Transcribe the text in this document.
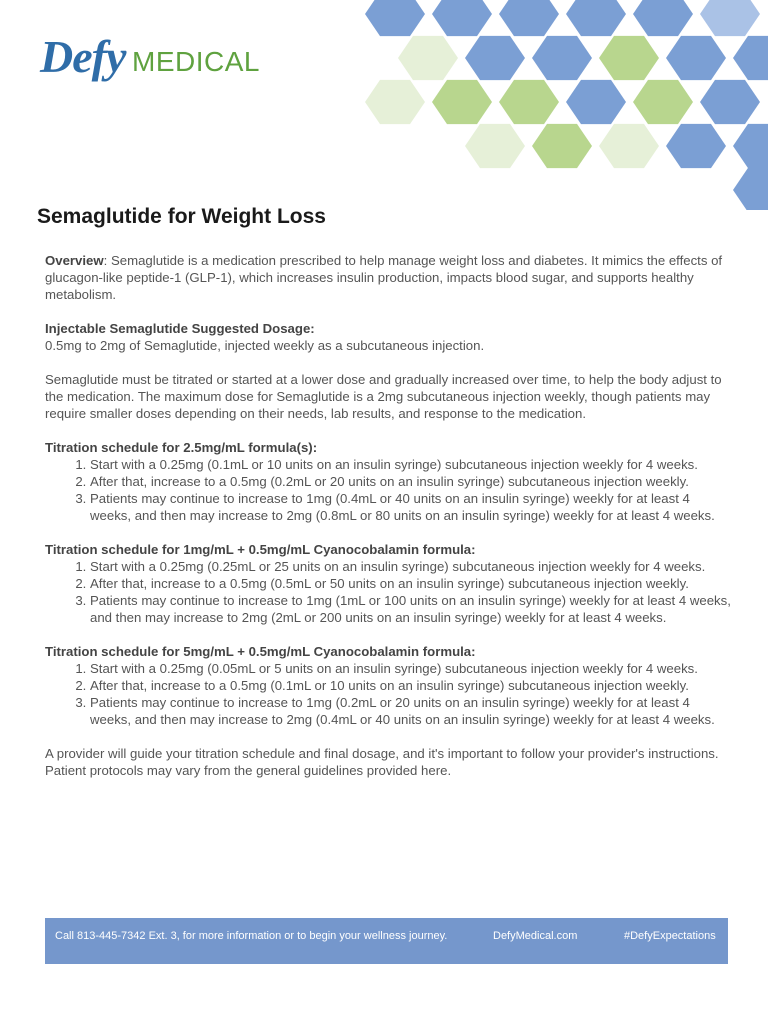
Defy MEDICAL
Semaglutide for Weight Loss

Overview: Semaglutide is a medication prescribed to help manage weight loss and diabetes. It mimics the effects of glucagon-like peptide-1 (GLP-1), which increases insulin production, impacts blood sugar, and supports healthy metabolism.

Injectable Semaglutide Suggested Dosage:

0.5mg to 2mg of Semaglutide, injected weekly as a subcutaneous injection.

Semaglutide must be titrated or started at a lower dose and gradually increased over time, to help the body adjust to the medication. The maximum dose for Semaglutide is a 2mg subcutaneous injection weekly, though patients may require smaller doses depending on their needs, lab results, and response to the medication.

Titration schedule for 2.5mg/mL formula(s):

1. Start with a 0.25mg (0.1mL or 10 units on an insulin syringe) subcutaneous injection weekly for 4 weeks.
2. After that, increase to a 0.5mg (0.2mL or 20 units on an insulin syringe) subcutaneous injection weekly.
3. Patients may continue to increase to 1mg (0.4mL or 40 units on an insulin syringe) weekly for at least 4 weeks, and then may increase to 2mg (0.8mL or 80 units on an insulin syringe) weekly for at least 4 weeks.

Titration schedule for 1mg/mL + 0.5mg/mL Cyanocobalamin formula:

1. Start with a 0.25mg (0.25mL or 25 units on an insulin syringe) subcutaneous injection weekly for 4 weeks.
2. After that, increase to a 0.5mg (0.5mL or 50 units on an insulin syringe) subcutaneous injection weekly.
3. Patients may continue to increase to 1mg (1mL or 100 units on an insulin syringe) weekly for at least 4 weeks, and then may increase to 2mg (2mL or 200 units on an insulin syringe) weekly for at least 4 weeks.

Titration schedule for 5mg/mL + 0.5mg/mL Cyanocobalamin formula:

1. Start with a 0.25mg (0.05mL or 5 units on an insulin syringe) subcutaneous injection weekly for 4 weeks.
2. After that, increase to a 0.5mg (0.1mL or 10 units on an insulin syringe) subcutaneous injection weekly.
3. Patients may continue to increase to 1mg (0.2mL or 20 units on an insulin syringe) weekly for at least 4 weeks, and then may increase to 2mg (0.4mL or 40 units on an insulin syringe) weekly for at least 4 weeks.

A provider will guide your titration schedule and final dosage, and it's important to follow your provider's instructions. Patient protocols may vary from the general guidelines provided here.

Call 813-445-7342 Ext. 3, for more information or to begin your wellness journey.	DefyMedical.com	#DefyExpectations
